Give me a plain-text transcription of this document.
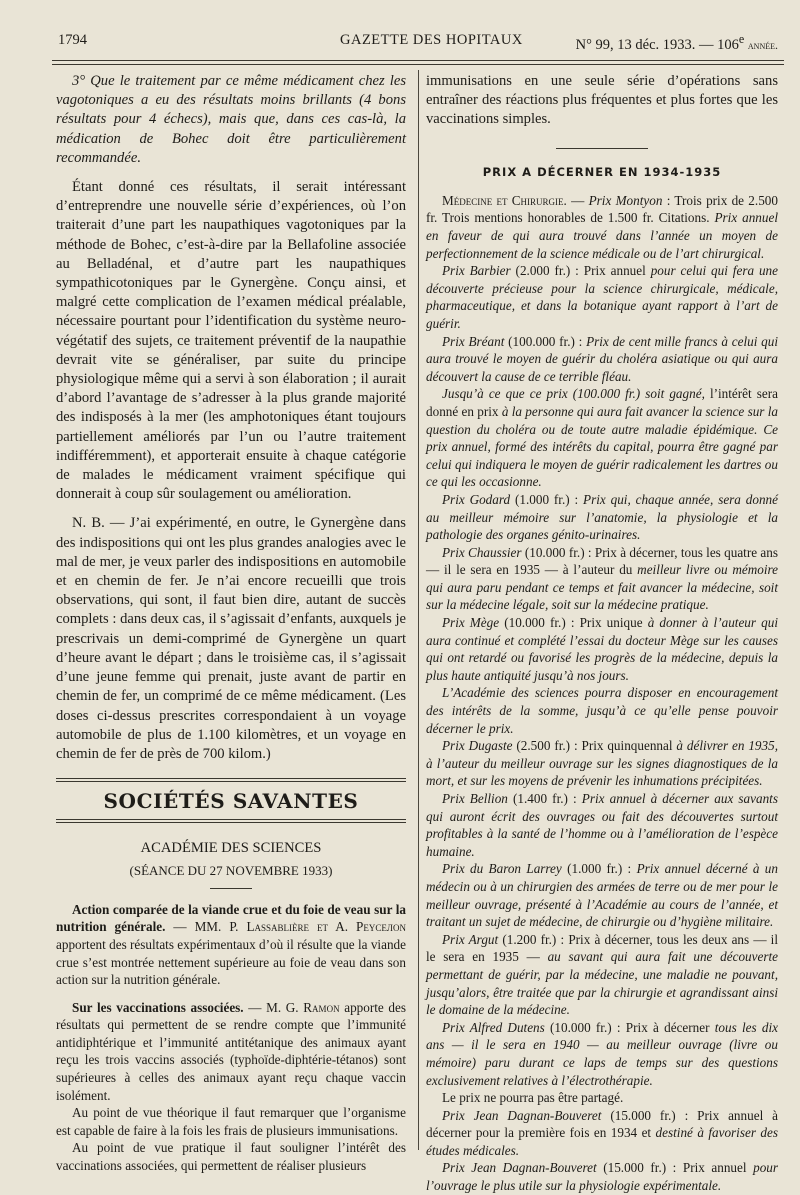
1794	GAZETTE DES HOPITAUX	N° 99, 13 déc. 1933. — 106e année.

3° Que le traitement par ce même médicament chez les vagotoniques a eu des résultats moins brillants (4 bons résultats pour 4 échecs), mais que, dans ces cas-là, la médication de Bohec doit être particulièrement recommandée.

Étant donné ces résultats, il serait intéressant d’entreprendre une nouvelle série d’expériences, où l’on traiterait d’une part les naupathiques vagotoniques par la méthode de Bohec, c’est-à-dire par la Bellafoline associée au Belladénal, et d’autre part les naupathiques sympathicotoniques par le Gynergène. Conçu ainsi, et malgré cette complication de l’examen médical préalable, nécessaire pourtant pour l’identification du système neuro-végétatif des sujets, ce traitement préventif de la naupathie devrait vite se généraliser, par suite du principe physiologique même qui a servi à son élaboration ; il aurait d’abord l’avantage de s’adresser à la plus grande majorité des indisposés à la mer (les amphotoniques étant toujours partiellement améliorés par l’un ou l’autre traitement indifféremment), et apporterait ensuite à chaque catégorie de malades le médicament vraiment spécifique qui donnerait à coup sûr soulagement ou amélioration.

N. B. — J’ai expérimenté, en outre, le Gynergène dans des indispositions qui ont les plus grandes analogies avec le mal de mer, je veux parler des indispositions en automobile et en chemin de fer. Je n’ai encore recueilli que trois observations, qui sont, il faut bien dire, autant de succès complets : dans deux cas, il s’agissait d’enfants, auxquels je prescrivais un demi-comprimé de Gynergène un quart d’heure avant le départ ; dans le troisième cas, il s’agissait d’une jeune femme qui prenait, juste avant de partir en chemin de fer, un comprimé de ce même médicament. (Les doses ci-dessus prescrites correspondaient à un voyage automobile de plus de 1.100 kilomètres, et un voyage en chemin de fer de près de 700 kilom.)

SOCIÉTÉS SAVANTES
ACADÉMIE DES SCIENCES
(SÉANCE DU 27 NOVEMBRE 1933)

Action comparée de la viande crue et du foie de veau sur la nutrition générale. — MM. P. Lassablière et A. Peyceлon apportent des résultats expérimentaux d’où il résulte que la viande crue s’est montrée nettement supérieure au foie de veau dans son action sur la nutrition générale.

Sur les vaccinations associées. — M. G. Ramon apporte des résultats qui permettent de se rendre compte que l’immunité antidiphtérique et l’immunité antitétanique des animaux ayant reçu les trois vaccins associés (typhoïde-diphtérie-tétanos) sont supérieures à celles des animaux ayant reçu chaque vaccin isolément.

Au point de vue théorique il faut remarquer que l’organisme est capable de faire à la fois les frais de plusieurs immunisations.

Au point de vue pratique il faut souligner l’intérêt des vaccinations associées, qui permettent de réaliser plusieurs

immunisations en une seule série d’opérations sans entraîner des réactions plus fréquentes et plus fortes que les vaccinations simples.

PRIX A DÉCERNER EN 1934-1935

Médecine et Chirurgie. — Prix Montyon : Trois prix de 2.500 fr. Trois mentions honorables de 1.500 fr. Citations. Prix annuel en faveur de qui aura trouvé dans l’année un moyen de perfectionnement de la science médicale ou de l’art chirurgical.

Prix Barbier (2.000 fr.) : Prix annuel pour celui qui fera une découverte précieuse pour la science chirurgicale, médicale, pharmaceutique, et dans la botanique ayant rapport à l’art de guérir.

Prix Bréant (100.000 fr.) : Prix de cent mille francs à celui qui aura trouvé le moyen de guérir du choléra asiatique ou qui aura découvert la cause de ce terrible fléau.

Jusqu’à ce que ce prix (100.000 fr.) soit gagné, l’intérêt sera donné en prix à la personne qui aura fait avancer la science sur la question du choléra ou de toute autre maladie épidémique. Ce prix annuel, formé des intérêts du capital, pourra être gagné par celui qui indiquera le moyen de guérir radicalement les dartres ou ce qui les occasionne.

Prix Godard (1.000 fr.) : Prix qui, chaque année, sera donné au meilleur mémoire sur l’anatomie, la physiologie et la pathologie des organes génito-urinaires.

Prix Chaussier (10.000 fr.) : Prix à décerner, tous les quatre ans — il le sera en 1935 — à l’auteur du meilleur livre ou mémoire qui aura paru pendant ce temps et fait avancer la médecine, soit sur la médecine légale, soit sur la médecine pratique.

Prix Mège (10.000 fr.) : Prix unique à donner à l’auteur qui aura continué et complété l’essai du docteur Mège sur les causes qui ont retardé ou favorisé les progrès de la médecine, depuis la plus haute antiquité jusqu’à nos jours.

L’Académie des sciences pourra disposer en encouragement des intérêts de la somme, jusqu’à ce qu’elle pense pouvoir décerner le prix.

Prix Dugaste (2.500 fr.) : Prix quinquennal à délivrer en 1935, à l’auteur du meilleur ouvrage sur les signes diagnostiques de la mort, et sur les moyens de prévenir les inhumations précipitées.

Prix Bellion (1.400 fr.) : Prix annuel à décerner aux savants qui auront écrit des ouvrages ou fait des découvertes surtout profitables à la santé de l’homme ou à l’amélioration de l’espèce humaine.

Prix du Baron Larrey (1.000 fr.) : Prix annuel décerné à un médecin ou à un chirurgien des armées de terre ou de mer pour le meilleur ouvrage, présenté à l’Académie au cours de l’année, et traitant un sujet de médecine, de chirurgie ou d’hygiène militaire.

Prix Argut (1.200 fr.) : Prix à décerner, tous les deux ans — il le sera en 1935 — au savant qui aura fait une découverte permettant de guérir, par la médecine, une maladie ne pouvant, jusqu’alors, être traitée que par la chirurgie et agrandissant ainsi le domaine de la médecine.

Prix Alfred Dutens (10.000 fr.) : Prix à décerner tous les dix ans — il le sera en 1940 — au meilleur ouvrage (livre ou mémoire) paru durant ce laps de temps sur des questions exclusivement relatives à l’électrothérapie.

Le prix ne pourra pas être partagé.

Prix Jean Dagnan-Bouveret (15.000 fr.) : Prix annuel à décerner pour la première fois en 1934 et destiné à favoriser des études médicales.

Prix Jean Dagnan-Bouveret (15.000 fr.) : Prix annuel pour l’ouvrage le plus utile sur la physiologie expérimentale.
